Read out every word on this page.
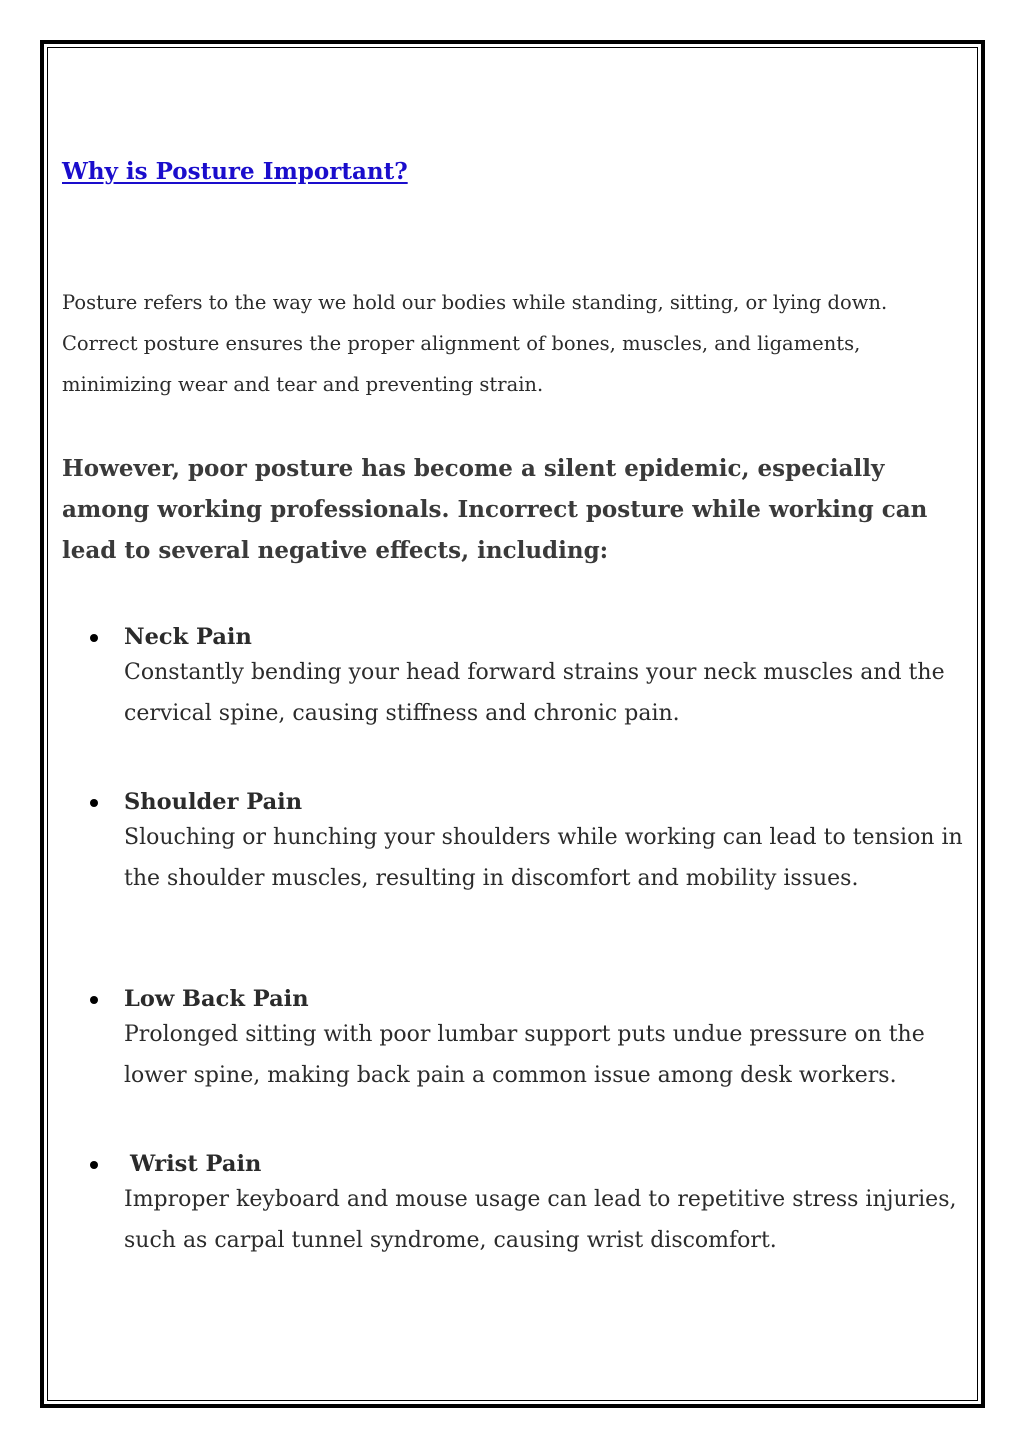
Why is Posture Important?

Posture refers to the way we hold our bodies while standing, sitting, or lying down. Correct posture ensures the proper alignment of bones, muscles, and ligaments, minimizing wear and tear and preventing strain.

However, poor posture has become a silent epidemic, especially among working professionals. Incorrect posture while working can lead to several negative effects, including:

Neck Pain

Constantly bending your head forward strains your neck muscles and the cervical spine, causing stiffness and chronic pain.

Shoulder Pain

Slouching or hunching your shoulders while working can lead to tension in the shoulder muscles, resulting in discomfort and mobility issues.

Low Back Pain

Prolonged sitting with poor lumbar support puts undue pressure on the lower spine, making back pain a common issue among desk workers.

Wrist Pain

Improper keyboard and mouse usage can lead to repetitive stress injuries, such as carpal tunnel syndrome, causing wrist discomfort.
